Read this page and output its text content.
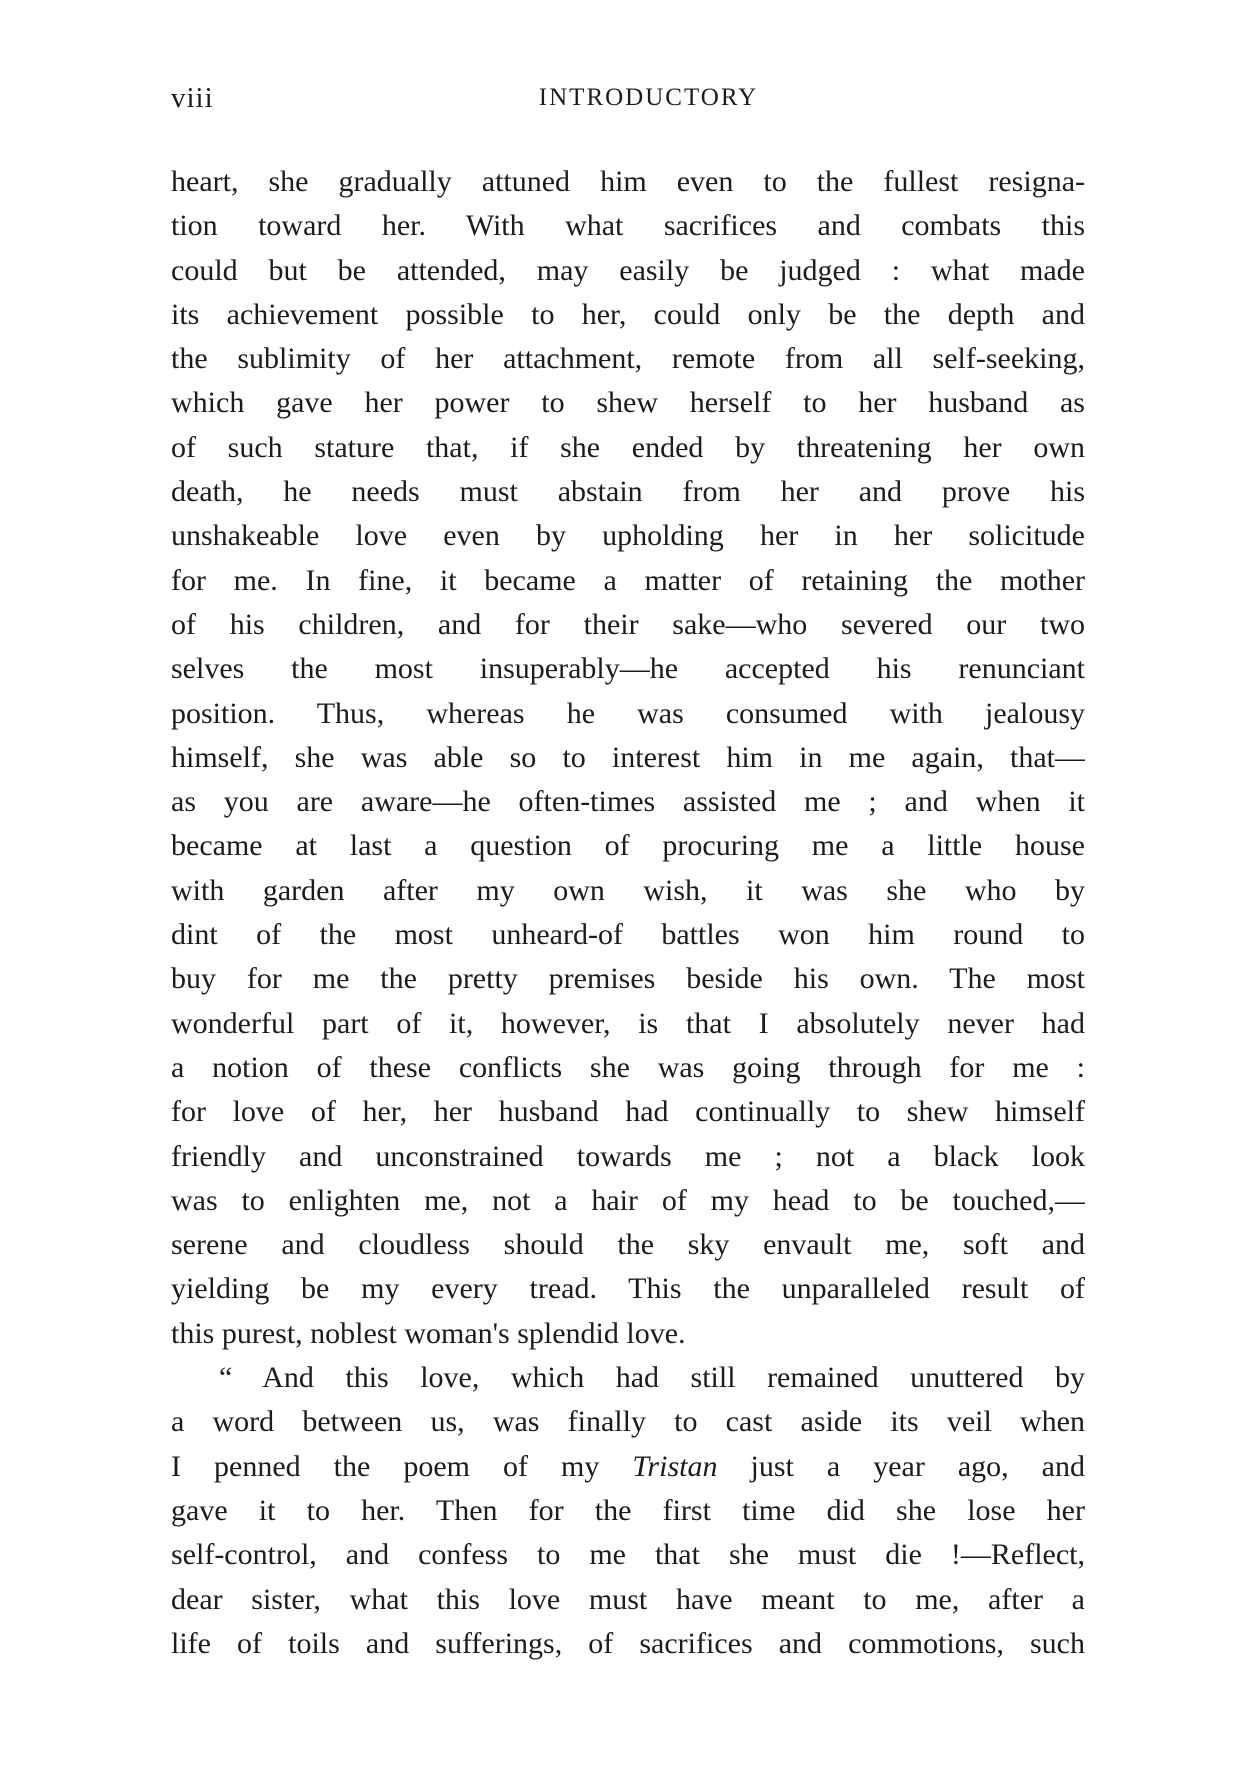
viii	INTRODUCTORY
heart, she gradually attuned him even to the fullest resigna-
tion toward her. With what sacrifices and combats this
could but be attended, may easily be judged : what made
its achievement possible to her, could only be the depth and
the sublimity of her attachment, remote from all self-seeking,
which gave her power to shew herself to her husband as
of such stature that, if she ended by threatening her own
death, he needs must abstain from her and prove his
unshakeable love even by upholding her in her solicitude
for me. In fine, it became a matter of retaining the mother
of his children, and for their sake—who severed our two
selves the most insuperably—he accepted his renunciant
position. Thus, whereas he was consumed with jealousy
himself, she was able so to interest him in me again, that—
as you are aware—he often-times assisted me ; and when it
became at last a question of procuring me a little house
with garden after my own wish, it was she who by
dint of the most unheard-of battles won him round to
buy for me the pretty premises beside his own. The most
wonderful part of it, however, is that I absolutely never had
a notion of these conflicts she was going through for me :
for love of her, her husband had continually to shew himself
friendly and unconstrained towards me ; not a black look
was to enlighten me, not a hair of my head to be touched,—
serene and cloudless should the sky envault me, soft and
yielding be my every tread. This the unparalleled result of
this purest, noblest woman's splendid love.
“ And this love, which had still remained unuttered by
a word between us, was finally to cast aside its veil when
I penned the poem of my Tristan just a year ago, and
gave it to her. Then for the first time did she lose her
self-control, and confess to me that she must die !—Reflect,
dear sister, what this love must have meant to me, after a
life of toils and sufferings, of sacrifices and commotions, such
